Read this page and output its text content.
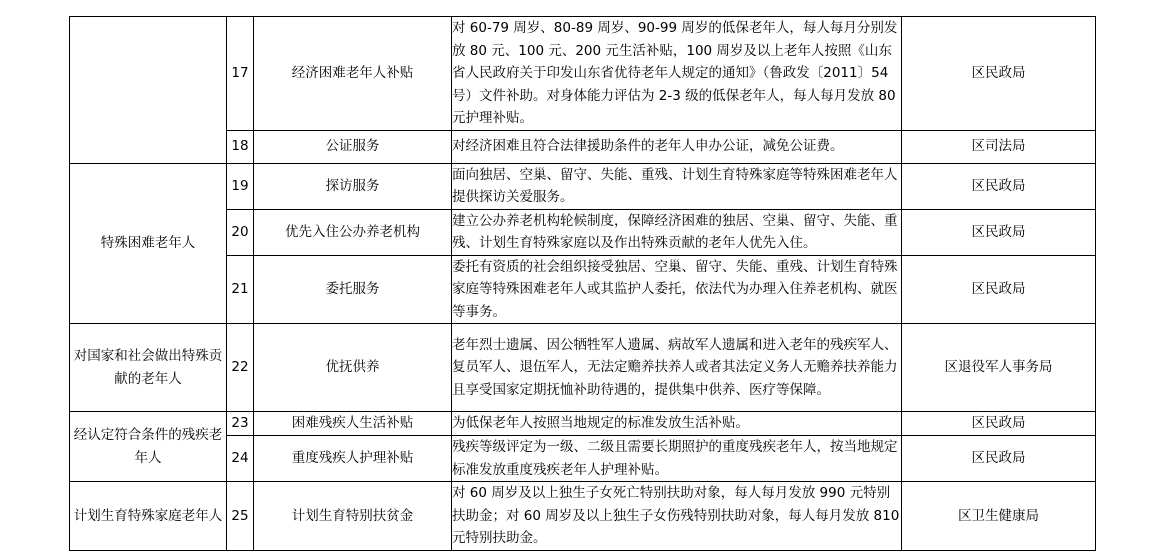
	17	经济困难老年人补贴	对 60-79 周岁、80-89 周岁、90-99 周岁的低保老年人，每人每月分别发放 80 元、100 元、200 元生活补贴，100 周岁及以上老年人按照《山东省人民政府关于印发山东省优待老年人规定的通知》（鲁政发〔2011〕54 号）文件补助。对身体能力评估为 2-3 级的低保老年人，每人每月发放 80 元护理补贴。	区民政局
	18	公证服务	对经济困难且符合法律援助条件的老年人申办公证，减免公证费。	区司法局
特殊困难老年人	19	探访服务	面向独居、空巢、留守、失能、重残、计划生育特殊家庭等特殊困难老年人提供探访关爱服务。	区民政局
	20	优先入住公办养老机构	建立公办养老机构轮候制度，保障经济困难的独居、空巢、留守、失能、重残、计划生育特殊家庭以及作出特殊贡献的老年人优先入住。	区民政局
	21	委托服务	委托有资质的社会组织接受独居、空巢、留守、失能、重残、计划生育特殊家庭等特殊困难老年人或其监护人委托，依法代为办理入住养老机构、就医等事务。	区民政局
对国家和社会做出特殊贡献的老年人	22	优抚供养	老年烈士遗属、因公牺牲军人遗属、病故军人遗属和进入老年的残疾军人、复员军人、退伍军人，无法定赡养扶养人或者其法定义务人无赡养扶养能力且享受国家定期抚恤补助待遇的，提供集中供养、医疗等保障。	区退役军人事务局
经认定符合条件的残疾老年人	23	困难残疾人生活补贴	为低保老年人按照当地规定的标准发放生活补贴。	区民政局
	24	重度残疾人护理补贴	残疾等级评定为一级、二级且需要长期照护的重度残疾老年人，按当地规定标准发放重度残疾老年人护理补贴。	区民政局
计划生育特殊家庭老年人	25	计划生育特别扶贫金	对 60 周岁及以上独生子女死亡特别扶助对象，每人每月发放 990 元特别扶助金；对 60 周岁及以上独生子女伤残特别扶助对象，每人每月发放 810 元特别扶助金。	区卫生健康局
